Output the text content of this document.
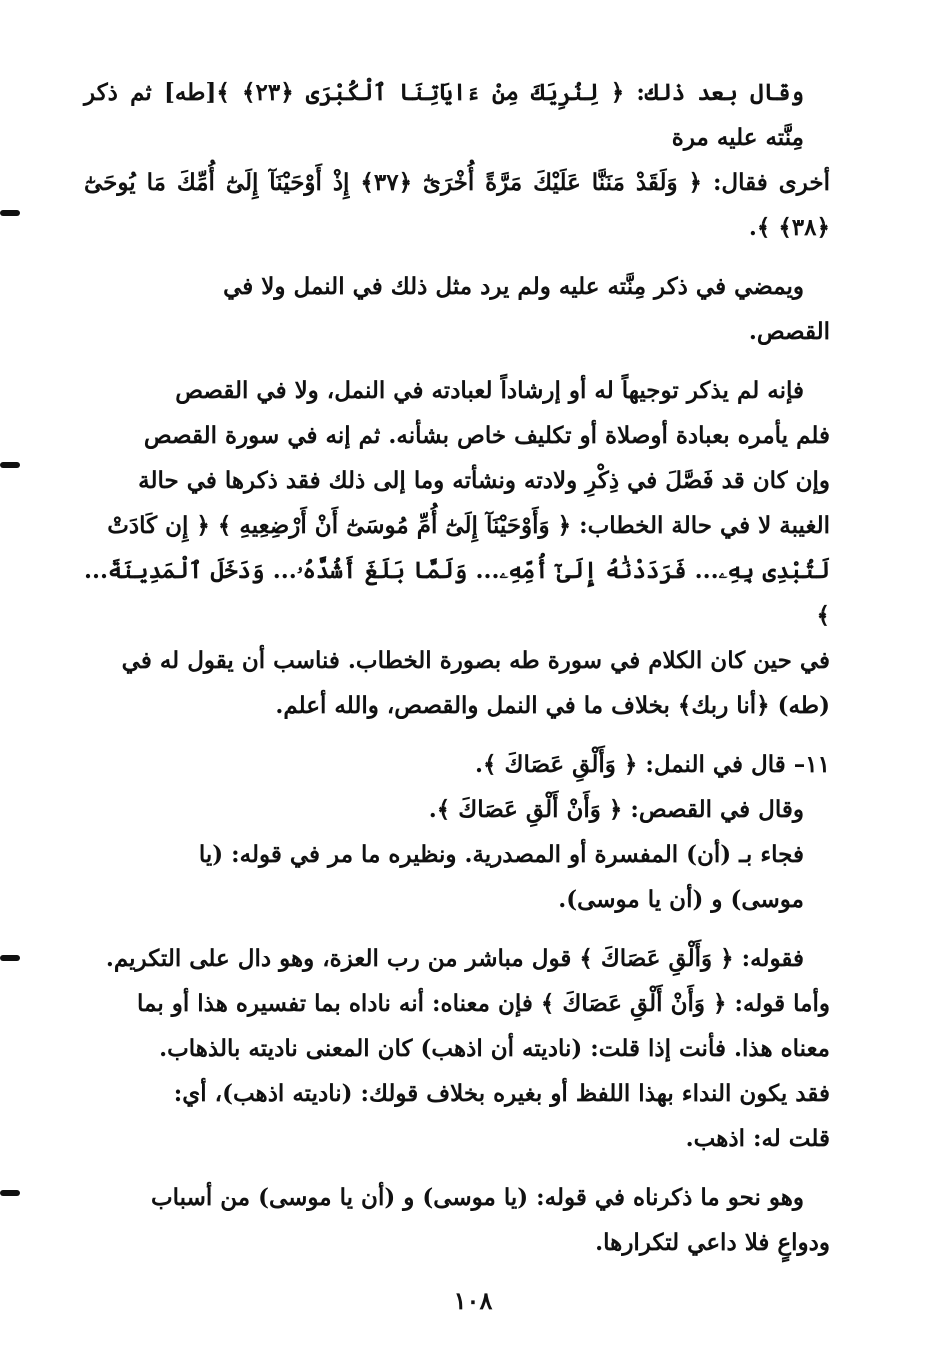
وقال بعد ذلك: ﴿ لِنُرِيَكَ مِنْ ءَايَاتِنَا ٱلْكُبْرَى ﴿٢٣﴾ ﴾[طه] ثم ذكر مِنَّته عليه مرة
أخرى فقال: ﴿ وَلَقَدْ مَنَنَّا عَلَيْكَ مَرَّةً أُخْرَىٰٓ ﴿٣٧﴾ إِذْ أَوْحَيْنَآ إِلَىٰٓ أُمِّكَ مَا يُوحَىٰٓ ﴿٣٨﴾ ﴾.
ويمضي في ذكر مِنَّته عليه ولم يرد مثل ذلك في النمل ولا في
القصص.
فإنه لم يذكر توجيهاً له أو إرشاداً لعبادته في النمل، ولا في القصص
فلم يأمره بعبادة أوصلاة أو تكليف خاص بشأنه. ثم إنه في سورة القصص
وإن كان قد فَصَّلَ في ذِكْرِ ولادته ونشأته وما إلى ذلك فقد ذكرها في حالة
الغيبة لا في حالة الخطاب: ﴿ وَأَوْحَيْنَآ إِلَىٰٓ أُمِّ مُوسَىٰٓ أَنْ أَرْضِعِيهِ ﴾ ﴿ إِن كَادَتْ
لَتُبْدِى بِهِۦ... فَرَدَدْنَٰهُ إِلَىٰٓ أُمِّهِۦ... وَلَمَّا بَلَغَ أَشُدَّهُۥ... وَدَخَلَ ٱلْمَدِينَةَ... ﴾
في حين كان الكلام في سورة طه بصورة الخطاب. فناسب أن يقول له في
(طه) ﴿أنا ربك﴾ بخلاف ما في النمل والقصص، والله أعلم.
١١– قال في النمل: ﴿ وَأَلْقِ عَصَاكَ ﴾.
وقال في القصص: ﴿ وَأَنْ أَلْقِ عَصَاكَ ﴾.
فجاء بـ (أن) المفسرة أو المصدرية. ونظيره ما مر في قوله: (يا
موسى) و (أن يا موسى).
فقوله: ﴿ وَأَلْقِ عَصَاكَ ﴾ قول مباشر من رب العزة، وهو دال على التكريم.
وأما قوله: ﴿ وَأَنْ أَلْقِ عَصَاكَ ﴾ فإن معناه: أنه ناداه بما تفسيره هذا أو بما
معناه هذا. فأنت إذا قلت: (ناديته أن اذهب) كان المعنى ناديته بالذهاب.
فقد يكون النداء بهذا اللفظ أو بغيره بخلاف قولك: (ناديته اذهب)، أي:
قلت له: اذهب.
وهو نحو ما ذكرناه في قوله: (يا موسى) و (أن يا موسى) من أسباب
ودواعٍ فلا داعي لتكرارها.
١٠٨
